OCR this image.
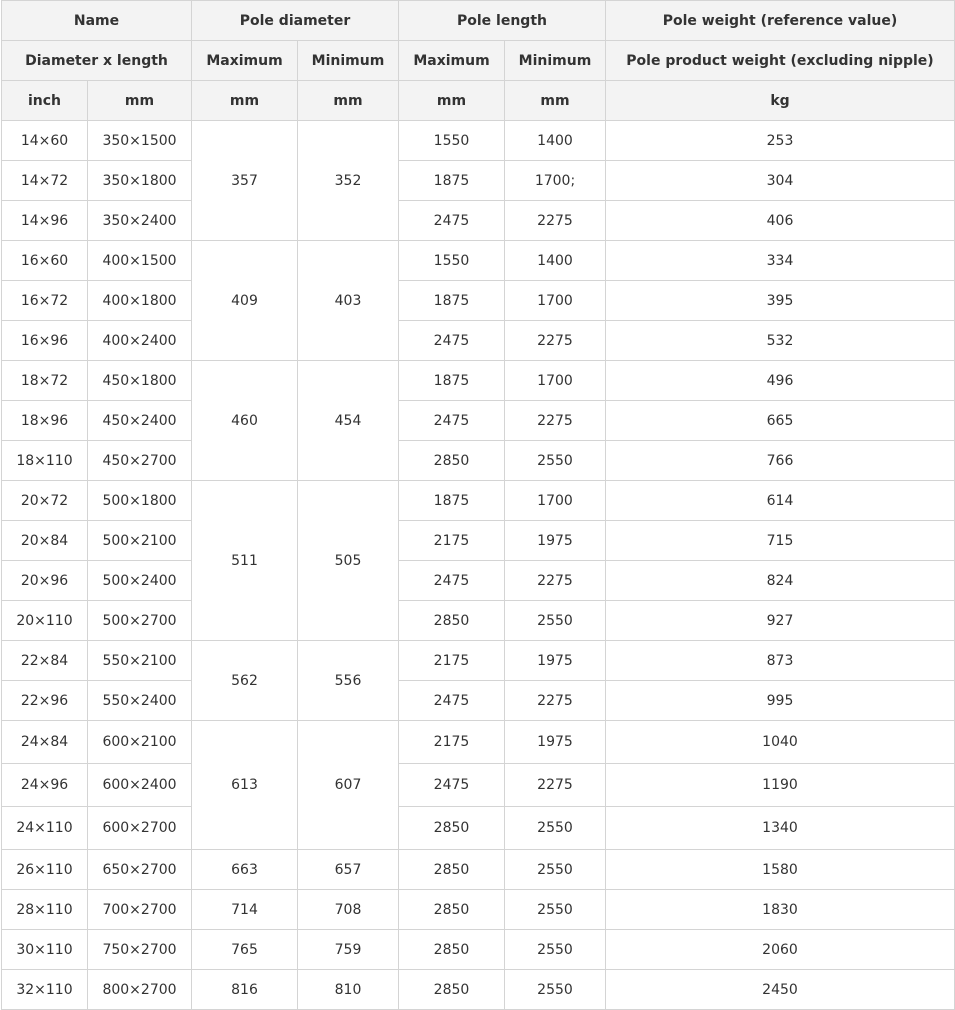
Name		Pole diameter		Pole length		Pole weight (reference value)
Diameter x length		Maximum	Minimum	Maximum	Minimum	Pole product weight (excluding nipple)
inch	mm	mm	mm	mm	mm	kg
14×60	350×1500	357	352	1550	1400	253
14×72	350×1800			1875	1700;	304
14×96	350×2400			2475	2275	406
16×60	400×1500	409	403	1550	1400	334
16×72	400×1800			1875	1700	395
16×96	400×2400			2475	2275	532
18×72	450×1800	460	454	1875	1700	496
18×96	450×2400			2475	2275	665
18×110	450×2700			2850	2550	766
20×72	500×1800	511	505	1875	1700	614
20×84	500×2100			2175	1975	715
20×96	500×2400			2475	2275	824
20×110	500×2700			2850	2550	927
22×84	550×2100	562	556	2175	1975	873
22×96	550×2400			2475	2275	995
24×84	600×2100	613	607	2175	1975	1040
24×96	600×2400			2475	2275	1190
24×110	600×2700			2850	2550	1340
26×110	650×2700	663	657	2850	2550	1580
28×110	700×2700	714	708	2850	2550	1830
30×110	750×2700	765	759	2850	2550	2060
32×110	800×2700	816	810	2850	2550	2450
